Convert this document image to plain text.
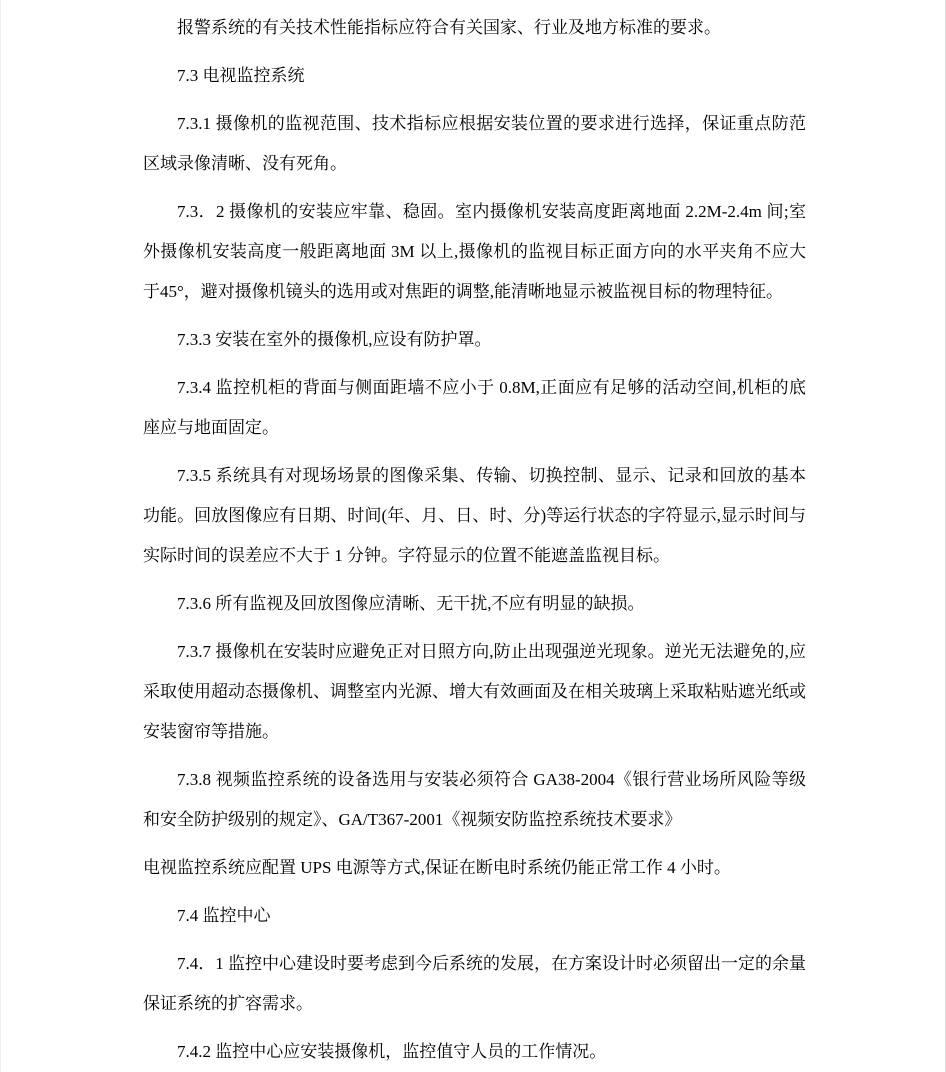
报警系统的有关技术性能指标应符合有关国家、行业及地方标准的要求。

7.3 电视监控系统

7.3.1 摄像机的监视范围、技术指标应根据安装位置的要求进行选择，保证重点防范区域录像清晰、没有死角。

7.3．2 摄像机的安装应牢靠、稳固。室内摄像机安装高度距离地面 2.2M-2.4m 间;室外摄像机安装高度一般距离地面 3M 以上,摄像机的监视目标正面方向的水平夹角不应大于45°，避对摄像机镜头的选用或对焦距的调整,能清晰地显示被监视目标的物理特征。

7.3.3 安装在室外的摄像机,应设有防护罩。

7.3.4 监控机柜的背面与侧面距墙不应小于 0.8M,正面应有足够的活动空间,机柜的底座应与地面固定。

7.3.5 系统具有对现场场景的图像采集、传输、切换控制、显示、记录和回放的基本功能。回放图像应有日期、时间(年、月、日、时、分)等运行状态的字符显示,显示时间与实际时间的误差应不大于 1 分钟。字符显示的位置不能遮盖监视目标。

7.3.6 所有监视及回放图像应清晰、无干扰,不应有明显的缺损。

7.3.7 摄像机在安装时应避免正对日照方向,防止出现强逆光现象。逆光无法避免的,应采取使用超动态摄像机、调整室内光源、增大有效画面及在相关玻璃上采取粘贴遮光纸或安装窗帘等措施。

7.3.8 视频监控系统的设备选用与安装必须符合 GA38-2004《银行营业场所风险等级和安全防护级别的规定》、GA/T367-2001《视频安防监控系统技术要求》

电视监控系统应配置 UPS 电源等方式,保证在断电时系统仍能正常工作 4 小时。

7.4 监控中心

7.4．1 监控中心建设时要考虑到今后系统的发展，在方案设计时必须留出一定的余量保证系统的扩容需求。

7.4.2 监控中心应安装摄像机，监控值守人员的工作情况。
